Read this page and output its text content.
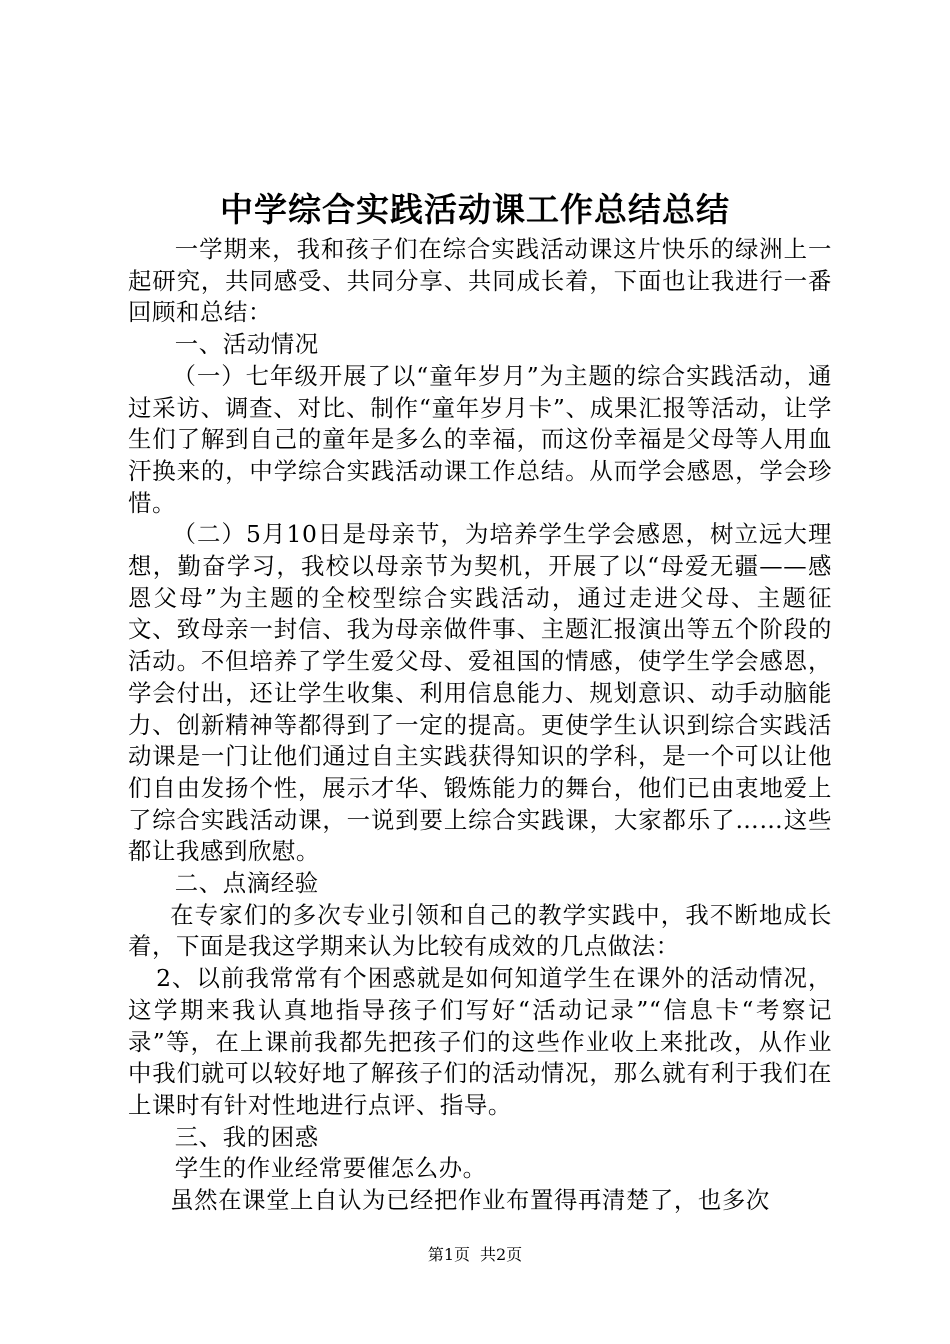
中学综合实践活动课工作总结总结

一学期来，我和孩子们在综合实践活动课这片快乐的绿洲上一起研究，共同感受、共同分享、共同成长着，下面也让我进行一番回顾和总结：

一、活动情况

（一）七年级开展了以“童年岁月”为主题的综合实践活动，通过采访、调查、对比、制作“童年岁月卡”、成果汇报等活动，让学生们了解到自己的童年是多么的幸福，而这份幸福是父母等人用血汗换来的，中学综合实践活动课工作总结。从而学会感恩，学会珍惜。

（二）5月10日是母亲节，为培养学生学会感恩，树立远大理想，勤奋学习，我校以母亲节为契机，开展了以“母爱无疆——感恩父母”为主题的全校型综合实践活动，通过走进父母、主题征文、致母亲一封信、我为母亲做件事、主题汇报演出等五个阶段的活动。不但培养了学生爱父母、爱祖国的情感，使学生学会感恩，学会付出，还让学生收集、利用信息能力、规划意识、动手动脑能力、创新精神等都得到了一定的提高。更使学生认识到综合实践活动课是一门让他们通过自主实践获得知识的学科，是一个可以让他们自由发扬个性，展示才华、锻炼能力的舞台，他们已由衷地爱上了综合实践活动课，一说到要上综合实践课，大家都乐了……这些都让我感到欣慰。

二、点滴经验

在专家们的多次专业引领和自己的教学实践中，我不断地成长着，下面是我这学期来认为比较有成效的几点做法：

2、以前我常常有个困惑就是如何知道学生在课外的活动情况，这学期来我认真地指导孩子们写好“活动记录”“信息卡“考察记录”等，在上课前我都先把孩子们的这些作业收上来批改，从作业中我们就可以较好地了解孩子们的活动情况，那么就有利于我们在上课时有针对性地进行点评、指导。

三、我的困惑

学生的作业经常要催怎么办。

虽然在课堂上自认为已经把作业布置得再清楚了，也多次

第1页 共2页
